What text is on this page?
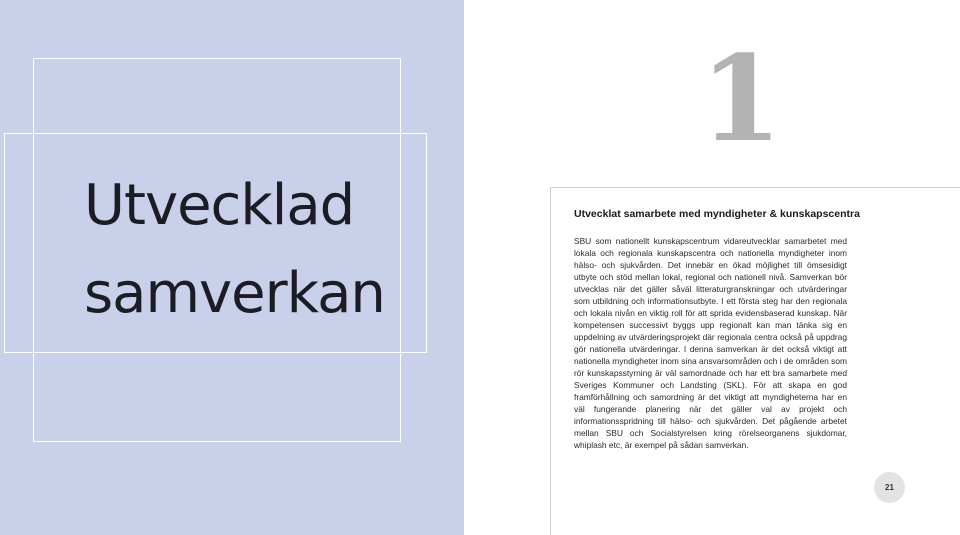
Utvecklad
samverkan
1
Utvecklat samarbete med myndigheter & kunskapscentra

SBU som nationellt kunskapscentrum vidareutvecklar samarbetet med lokala och regionala kunskapscentra och nationella myndigheter inom hälso- och sjukvården. Det innebär en ökad möjlighet till ömsesidigt utbyte och stöd mellan lokal, regional och nationell nivå. Samverkan bör utvecklas när det gäller såväl litteraturgranskningar och utvärderingar som utbildning och informationsutbyte. I ett första steg har den regionala och lokala nivån en viktig roll för att sprida evidensbaserad kunskap. När kompetensen successivt byggs upp regionalt kan man tänka sig en uppdelning av utvärderingsprojekt där regionala centra också på uppdrag gör nationella utvärderingar. I denna samverkan är det också viktigt att nationella myndigheter inom sina ansvarsområden och i de områden som rör kunskapsstyrning är väl samordnade och har ett bra samarbete med Sveriges Kommuner och Landsting (SKL). För att skapa en god framförhållning och samordning är det viktigt att myndigheterna har en väl fungerande planering när det gäller val av projekt och informationsspridning till hälso- och sjukvården. Det pågående arbetet mellan SBU och Socialstyrelsen kring rörelseorganens sjukdomar, whiplash etc, är exempel på sådan samverkan.

21
